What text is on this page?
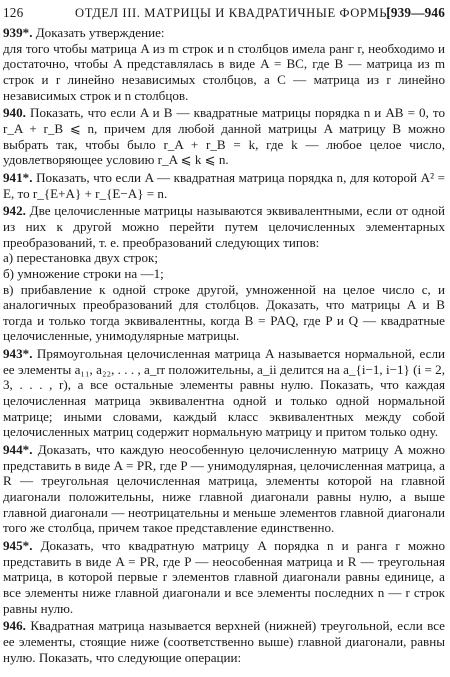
126	ОТДЕЛ III. МАТРИЦЫ И КВАДРАТИЧНЫЕ ФОРМЫ
[939—946

939*. Доказать утверждение:

для того чтобы матрица A из m строк и n столбцов имела ранг r, необходимо и достаточно, чтобы A представлялась в виде A = BC, где B — матрица из m строк и r линейно независимых столбцов, а C — матрица из r линейно независимых строк и n столбцов.

940. Показать, что если A и B — квадратные матрицы порядка n и AB = 0, то r_A + r_B ⩽ n, причем для любой данной матрицы A матрицу B можно выбрать так, чтобы было r_A + r_B = k, где k — любое целое число, удовлетворяющее условию r_A ⩽ k ⩽ n.

941*. Показать, что если A — квадратная матрица порядка n, для которой A² = E, то r_{E+A} + r_{E−A} = n.

942. Две целочисленные матрицы называются эквивалентными, если от одной из них к другой можно перейти путем целочисленных элементарных преобразований, т. е. преобразований следующих типов:

а) перестановка двух строк;

б) умножение строки на —1;

в) прибавление к одной строке другой, умноженной на целое число c, и аналогичных преобразований для столбцов. Доказать, что матрицы A и B тогда и только тогда эквивалентны, когда B = PAQ, где P и Q — квадратные целочисленные, унимодулярные матрицы.

943*. Прямоугольная целочисленная матрица A называется нормальной, если ее элементы a₁₁, a₂₂, . . . , a_rr положительны, a_ii делится на a_{i−1, i−1} (i = 2, 3, . . . , r), а все остальные элементы равны нулю. Показать, что каждая целочисленная матрица эквивалентна одной и только одной нормальной матрице; иными словами, каждый класс эквивалентных между собой целочисленных матриц содержит нормальную матрицу и притом только одну.

944*. Доказать, что каждую неособенную целочисленную матрицу A можно представить в виде A = PR, где P — унимодулярная, целочисленная матрица, а R — треугольная целочисленная матрица, элементы которой на главной диагонали положительны, ниже главной диагонали равны нулю, а выше главной диагонали — неотрицательны и меньше элементов главной диагонали того же столбца, причем такое представление единственно.

945*. Доказать, что квадратную матрицу A порядка n и ранга r можно представить в виде A = PR, где P — неособенная матрица и R — треугольная матрица, в которой первые r элементов главной диагонали равны единице, а все элементы ниже главной диагонали и все элементы последних n — r строк равны нулю.

946. Квадратная матрица называется верхней (нижней) треугольной, если все ее элементы, стоящие ниже (соответственно выше) главной диагонали, равны нулю. Показать, что следующие операции:
